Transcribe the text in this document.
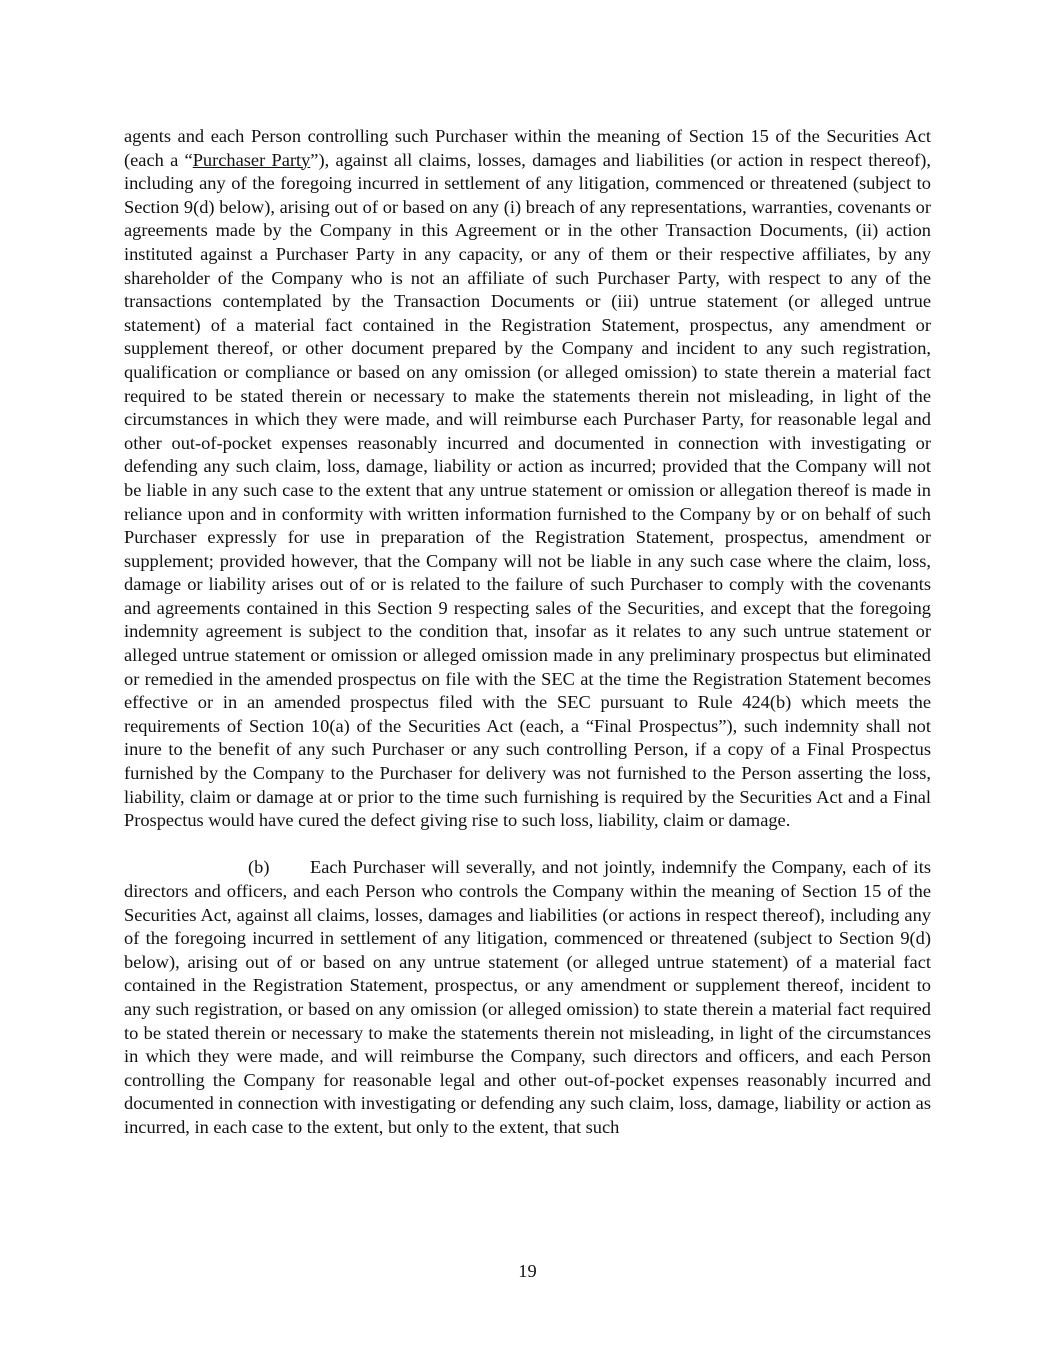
agents and each Person controlling such Purchaser within the meaning of Section 15 of the Securities Act (each a “Purchaser Party”), against all claims, losses, damages and liabilities (or action in respect thereof), including any of the foregoing incurred in settlement of any litigation, commenced or threatened (subject to Section 9(d) below), arising out of or based on any (i) breach of any representations, warranties, covenants or agreements made by the Company in this Agreement or in the other Transaction Documents, (ii) action instituted against a Purchaser Party in any capacity, or any of them or their respective affiliates, by any shareholder of the Company who is not an affiliate of such Purchaser Party, with respect to any of the transactions contemplated by the Transaction Documents or (iii) untrue statement (or alleged untrue statement) of a material fact contained in the Registration Statement, prospectus, any amendment or supplement thereof, or other document prepared by the Company and incident to any such registration, qualification or compliance or based on any omission (or alleged omission) to state therein a material fact required to be stated therein or necessary to make the statements therein not misleading, in light of the circumstances in which they were made, and will reimburse each Purchaser Party, for reasonable legal and other out-of-pocket expenses reasonably incurred and documented in connection with investigating or defending any such claim, loss, damage, liability or action as incurred; provided that the Company will not be liable in any such case to the extent that any untrue statement or omission or allegation thereof is made in reliance upon and in conformity with written information furnished to the Company by or on behalf of such Purchaser expressly for use in preparation of the Registration Statement, prospectus, amendment or supplement; provided however, that the Company will not be liable in any such case where the claim, loss, damage or liability arises out of or is related to the failure of such Purchaser to comply with the covenants and agreements contained in this Section 9 respecting sales of the Securities, and except that the foregoing indemnity agreement is subject to the condition that, insofar as it relates to any such untrue statement or alleged untrue statement or omission or alleged omission made in any preliminary prospectus but eliminated or remedied in the amended prospectus on file with the SEC at the time the Registration Statement becomes effective or in an amended prospectus filed with the SEC pursuant to Rule 424(b) which meets the requirements of Section 10(a) of the Securities Act (each, a “Final Prospectus”), such indemnity shall not inure to the benefit of any such Purchaser or any such controlling Person, if a copy of a Final Prospectus furnished by the Company to the Purchaser for delivery was not furnished to the Person asserting the loss, liability, claim or damage at or prior to the time such furnishing is required by the Securities Act and a Final Prospectus would have cured the defect giving rise to such loss, liability, claim or damage.

(b) Each Purchaser will severally, and not jointly, indemnify the Company, each of its directors and officers, and each Person who controls the Company within the meaning of Section 15 of the Securities Act, against all claims, losses, damages and liabilities (or actions in respect thereof), including any of the foregoing incurred in settlement of any litigation, commenced or threatened (subject to Section 9(d) below), arising out of or based on any untrue statement (or alleged untrue statement) of a material fact contained in the Registration Statement, prospectus, or any amendment or supplement thereof, incident to any such registration, or based on any omission (or alleged omission) to state therein a material fact required to be stated therein or necessary to make the statements therein not misleading, in light of the circumstances in which they were made, and will reimburse the Company, such directors and officers, and each Person controlling the Company for reasonable legal and other out-of-pocket expenses reasonably incurred and documented in connection with investigating or defending any such claim, loss, damage, liability or action as incurred, in each case to the extent, but only to the extent, that such

19
